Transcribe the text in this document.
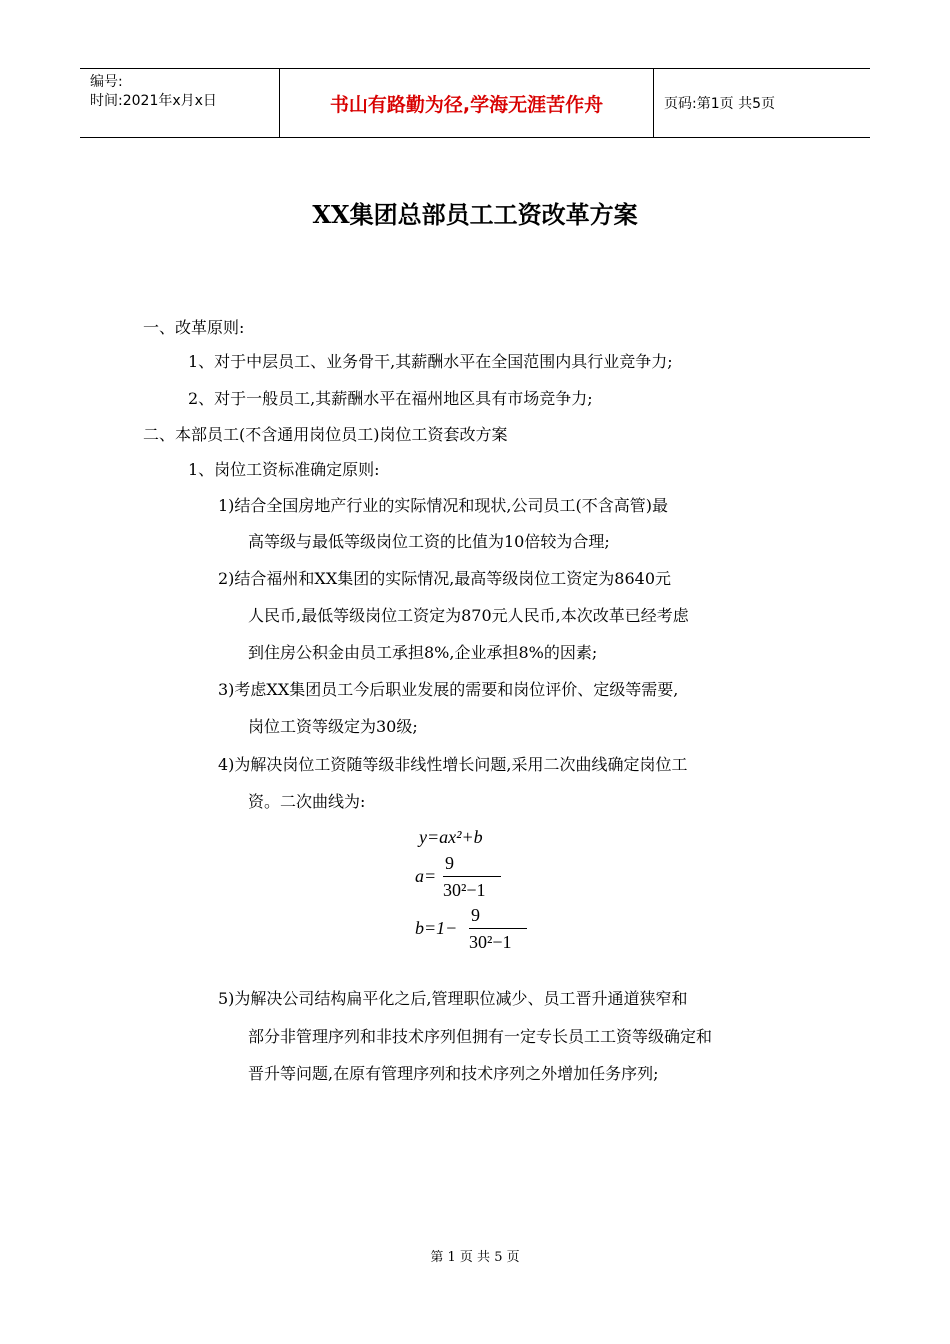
编号:
时间:2021年x月x日	书山有路勤为径,学海无涯苦作舟	页码:第1页 共5页
XX集团总部员工工资改革方案
一、改革原则:
1、对于中层员工、业务骨干,其薪酬水平在全国范围内具行业竞争力;
2、对于一般员工,其薪酬水平在福州地区具有市场竞争力;
二、本部员工(不含通用岗位员工)岗位工资套改方案
1、岗位工资标准确定原则:
1)结合全国房地产行业的实际情况和现状,公司员工(不含高管)最
高等级与最低等级岗位工资的比值为10倍较为合理;
2)结合福州和XX集团的实际情况,最高等级岗位工资定为8640元
人民币,最低等级岗位工资定为870元人民币,本次改革已经考虑
到住房公积金由员工承担8%,企业承担8%的因素;
3)考虑XX集团员工今后职业发展的需要和岗位评价、定级等需要,
岗位工资等级定为30级;
4)为解决岗位工资随等级非线性增长问题,采用二次曲线确定岗位工
资。二次曲线为:
y=ax²+b
a=
9
30²−1
b=1−
9
30²−1
5)为解决公司结构扁平化之后,管理职位减少、员工晋升通道狭窄和
部分非管理序列和非技术序列但拥有一定专长员工工资等级确定和
晋升等问题,在原有管理序列和技术序列之外增加任务序列;
第 1 页 共 5 页
